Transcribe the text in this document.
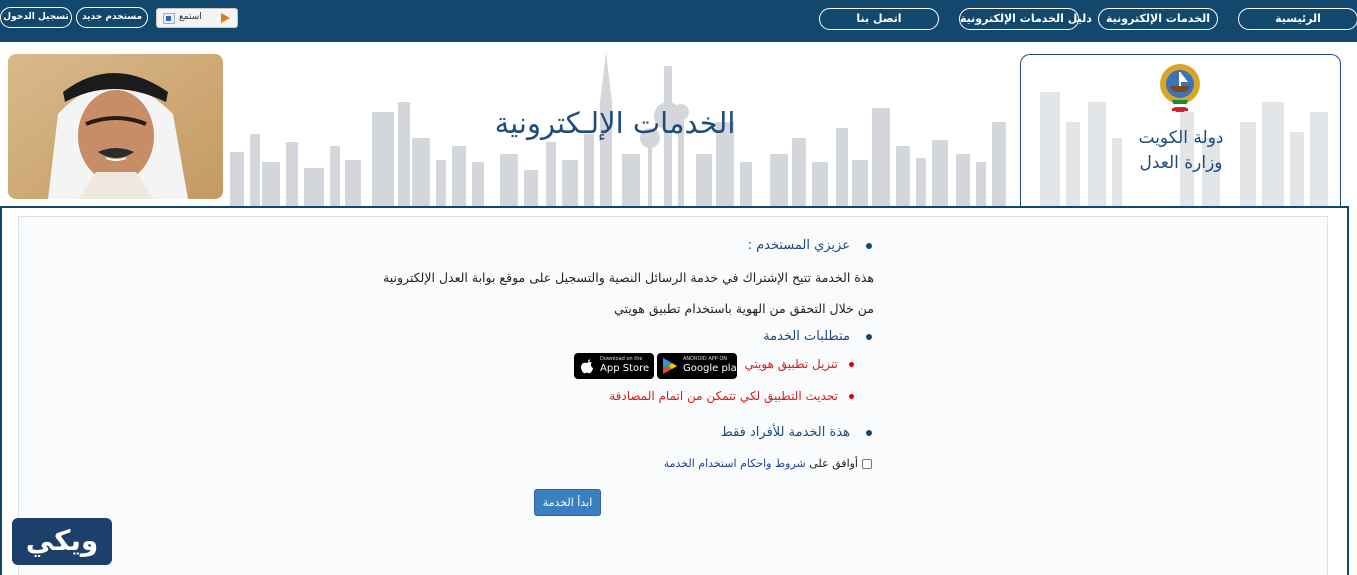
الرئيسية
الخدمات الإلكترونية
دليل الخدمات الإلكترونية
اتصل بنا
استمع
مستخدم جديد
تسجيل الدخول
الخدمات الإلـكترونية	دولة الكويت
وزارة العدل
عزيزي المستخدم :
هذة الخدمة تتيح الإشتراك في خدمة الرسائل النصية والتسجيل على موقع بوابة العدل الإلكترونية
من خلال التحقق من الهوية باستخدام تطبيق هويتي
متطلبات الخدمة
تنزيل تطبيق هويتي
ANDROID APP ON
Google play
Download on the
App Store
تحديث التطبيق لكي تتمكن من اتمام المصادقة
هذة الخدمة للأفراد فقط
أوافق على شروط واحكام استخدام الخدمة
ابدأ الخدمة
ويكي
